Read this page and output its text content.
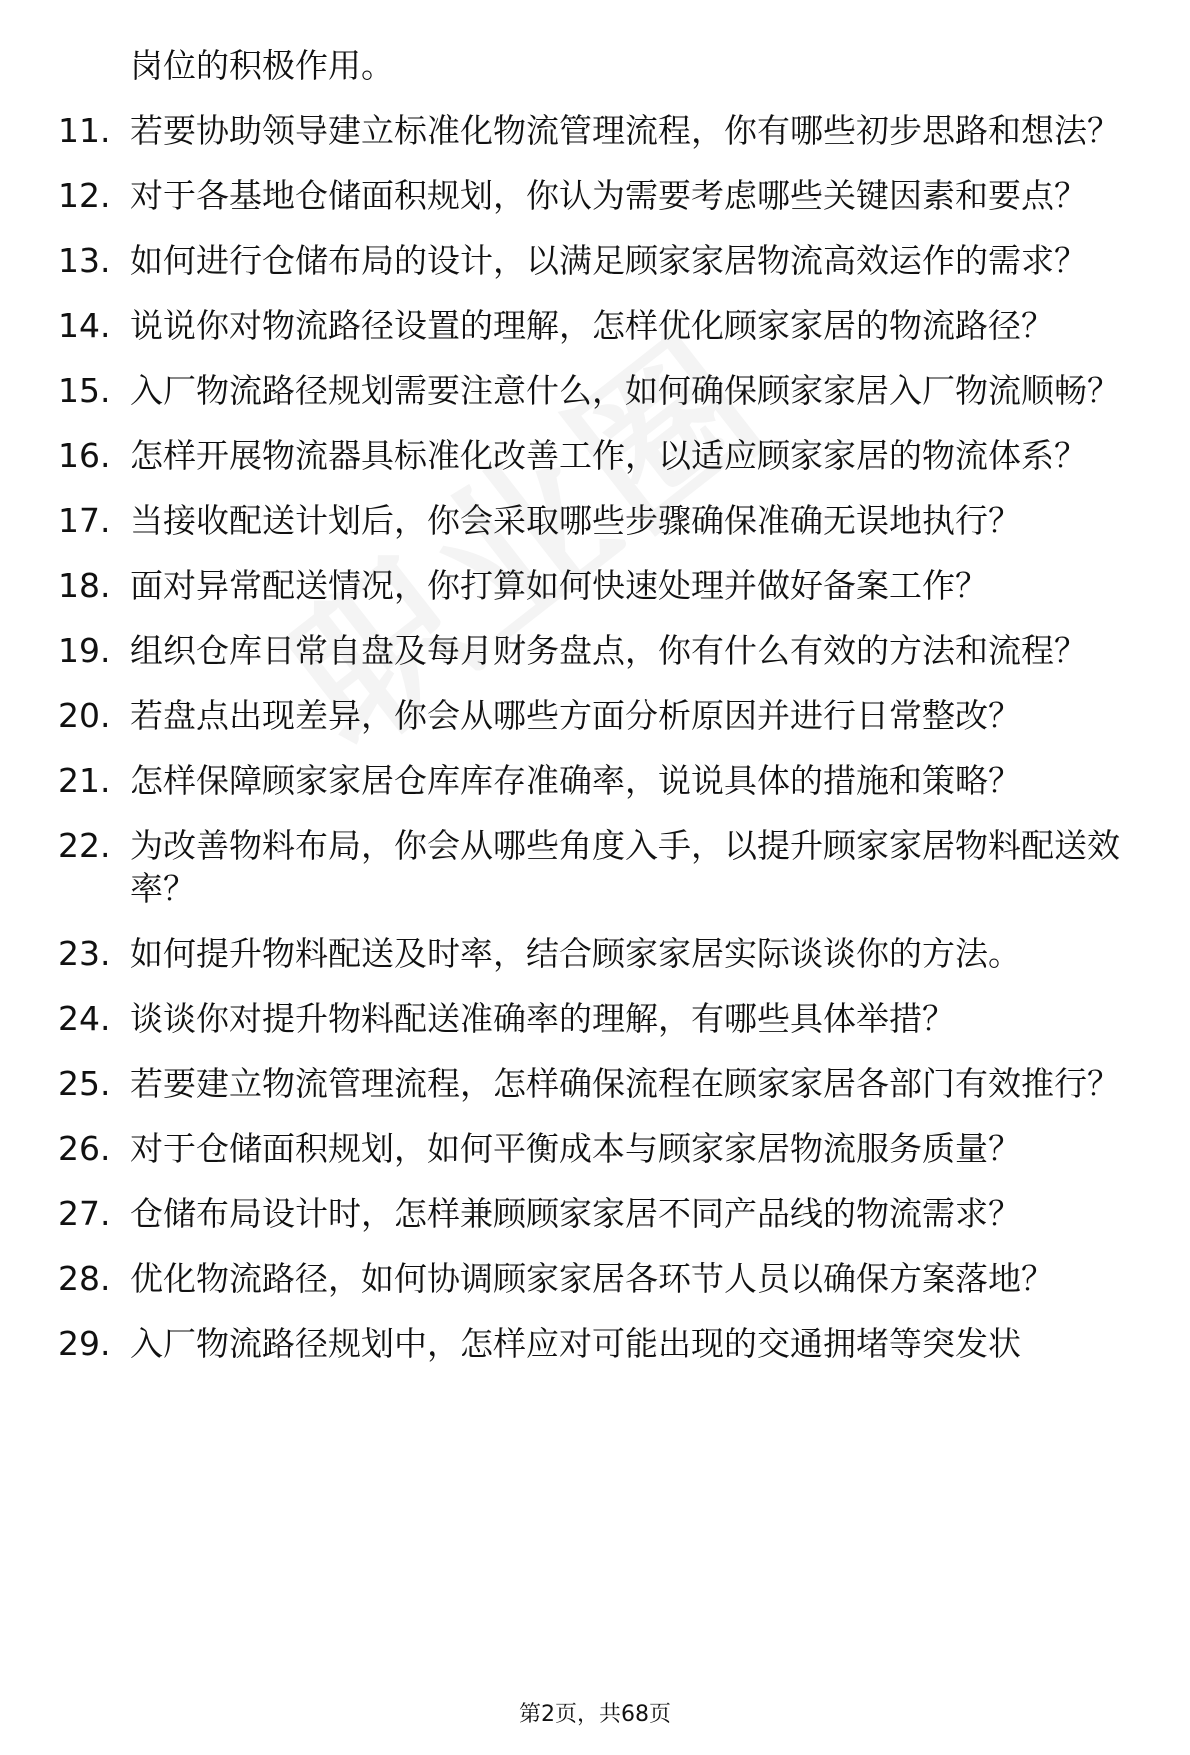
岗位的积极作用。
11. 若要协助领导建立标准化物流管理流程，你有哪些初步思路和想法？
12. 对于各基地仓储面积规划，你认为需要考虑哪些关键因素和要点？
13. 如何进行仓储布局的设计，以满足顾家家居物流高效运作的需求？
14. 说说你对物流路径设置的理解，怎样优化顾家家居的物流路径？
15. 入厂物流路径规划需要注意什么，如何确保顾家家居入厂物流顺畅？
16. 怎样开展物流器具标准化改善工作，以适应顾家家居的物流体系？
17. 当接收配送计划后，你会采取哪些步骤确保准确无误地执行？
18. 面对异常配送情况，你打算如何快速处理并做好备案工作？
19. 组织仓库日常自盘及每月财务盘点，你有什么有效的方法和流程？
20. 若盘点出现差异，你会从哪些方面分析原因并进行日常整改？
21. 怎样保障顾家家居仓库库存准确率，说说具体的措施和策略？
22. 为改善物料布局，你会从哪些角度入手，以提升顾家家居物料配送效率？
23. 如何提升物料配送及时率，结合顾家家居实际谈谈你的方法。
24. 谈谈你对提升物料配送准确率的理解，有哪些具体举措？
25. 若要建立物流管理流程，怎样确保流程在顾家家居各部门有效推行？
26. 对于仓储面积规划，如何平衡成本与顾家家居物流服务质量？
27. 仓储布局设计时，怎样兼顾顾家家居不同产品线的物流需求？
28. 优化物流路径，如何协调顾家家居各环节人员以确保方案落地？
29. 入厂物流路径规划中，怎样应对可能出现的交通拥堵等突发状
第2页，共68页
